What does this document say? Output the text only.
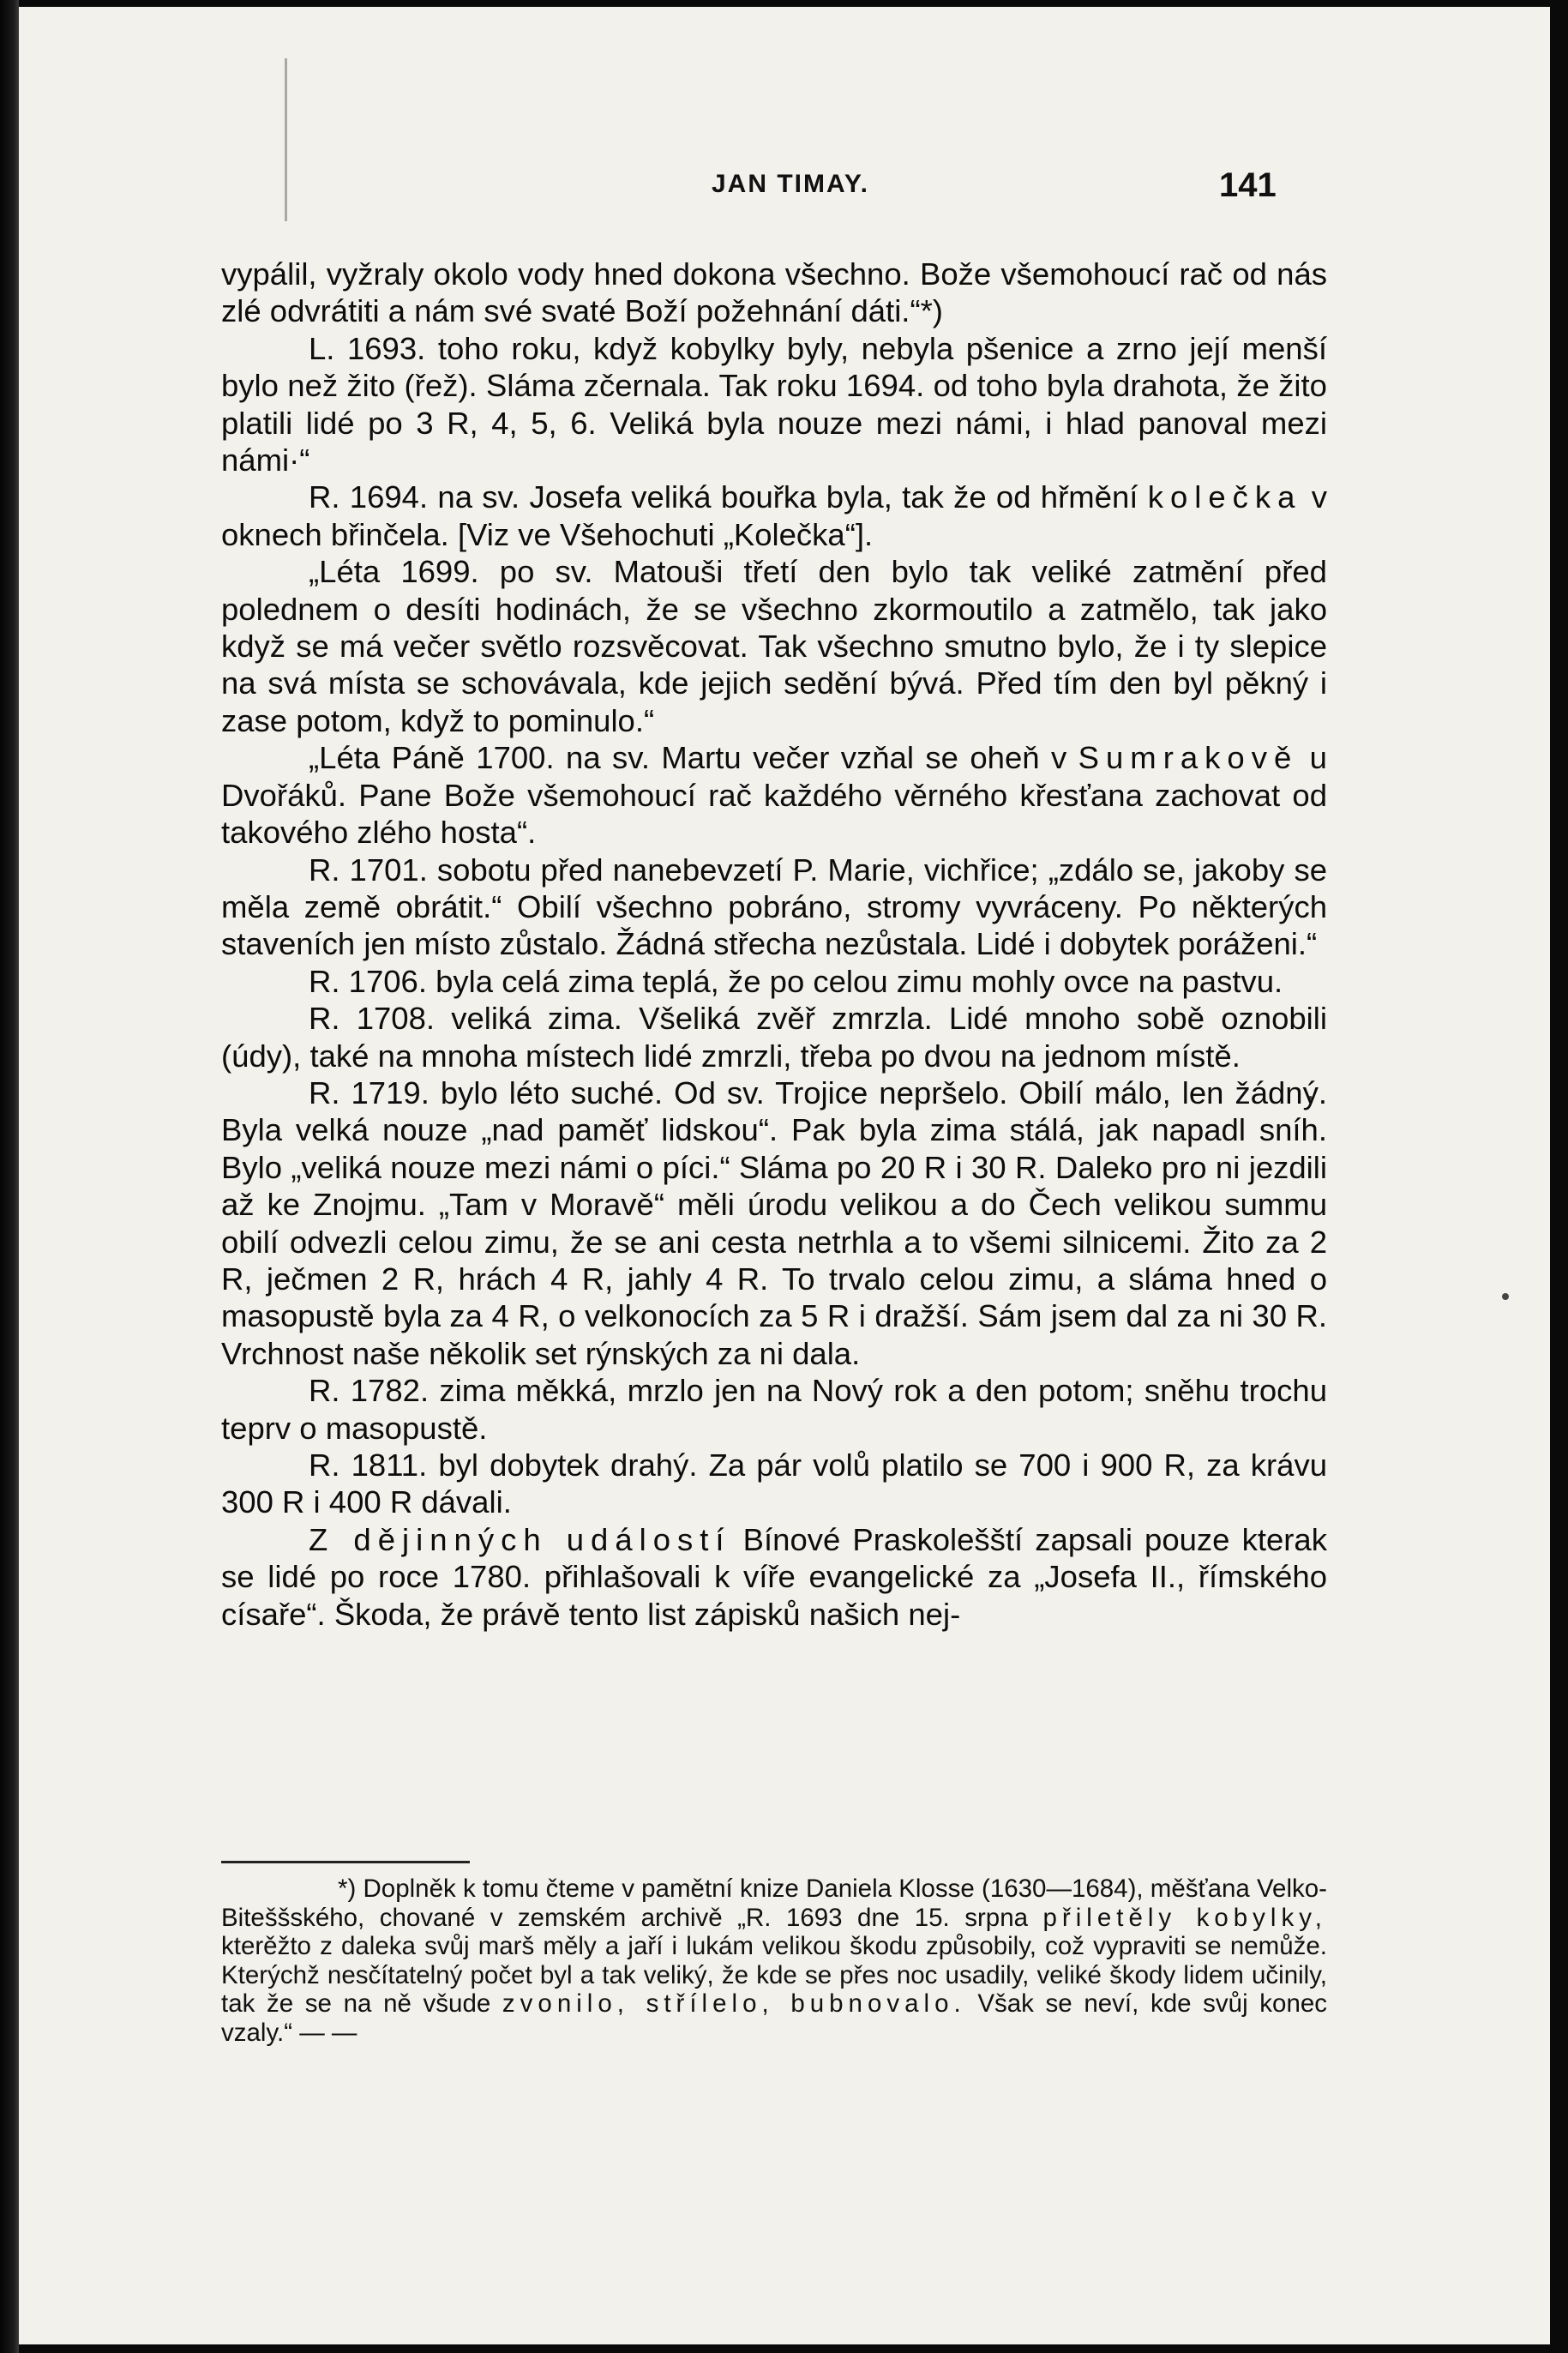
JAN TIMAY.	141

vypálil, vyžraly okolo vody hned dokona všechno. Bože všemohoucí rač od nás zlé odvrátiti a nám své svaté Boží požehnání dáti.“*)

L. 1693. toho roku, když kobylky byly, nebyla pšenice a zrno její menší bylo než žito (řež). Sláma zčernala. Tak roku 1694. od toho byla drahota, že žito platili lidé po 3 R, 4, 5, 6. Veliká byla nouze mezi námi, i hlad panoval mezi námi·“

R. 1694. na sv. Josefa veliká bouřka byla, tak že od hřmění kolečka v oknech břinčela. [Viz ve Všehochuti „Kolečka“].

„Léta 1699. po sv. Matouši třetí den bylo tak veliké zatmění před polednem o desíti hodinách, že se všechno zkormoutilo a zatmělo, tak jako když se má večer světlo rozsvěcovat. Tak všechno smutno bylo, že i ty slepice na svá místa se schovávala, kde jejich sedění bývá. Před tím den byl pěkný i zase potom, když to pominulo.“

„Léta Páně 1700. na sv. Martu večer vzňal se oheň v Sumrakově u Dvořáků. Pane Bože všemohoucí rač každého věrného křesťana zachovat od takového zlého hosta“.

R. 1701. sobotu před nanebevzetí P. Marie, vichřice; „zdálo se, jakoby se měla země obrátit.“ Obilí všechno pobráno, stromy vyvráceny. Po některých staveních jen místo zůstalo. Žádná střecha nezůstala. Lidé i dobytek poráženi.“

R. 1706. byla celá zima teplá, že po celou zimu mohly ovce na pastvu.

R. 1708. veliká zima. Všeliká zvěř zmrzla. Lidé mnoho sobě oznobili (údy), také na mnoha místech lidé zmrzli, třeba po dvou na jednom místě.

R. 1719. bylo léto suché. Od sv. Trojice nepršelo. Obilí málo, len žádný. Byla velká nouze „nad paměť lidskou“. Pak byla zima stálá, jak napadl sníh. Bylo „veliká nouze mezi námi o píci.“ Sláma po 20 R i 30 R. Daleko pro ni jezdili až ke Znojmu. „Tam v Moravě“ měli úrodu velikou a do Čech velikou summu obilí odvezli celou zimu, že se ani cesta netrhla a to všemi silnicemi. Žito za 2 R, ječmen 2 R, hrách 4 R, jahly 4 R. To trvalo celou zimu, a sláma hned o masopustě byla za 4 R, o velkonocích za 5 R i dražší. Sám jsem dal za ni 30 R. Vrchnost naše několik set rýnských za ni dala.

R. 1782. zima měkká, mrzlo jen na Nový rok a den potom; sněhu trochu teprv o masopustě.

R. 1811. byl dobytek drahý. Za pár volů platilo se 700 i 900 R, za krávu 300 R i 400 R dávali.

Z dějinných událostí Bínové Praskolešští zapsali pouze kterak se lidé po roce 1780. přihlašovali k víře evangelické za „Josefa II., římského císaře“. Škoda, že právě tento list zápisků našich nej-

*) Doplněk k tomu čteme v pamětní knize Daniela Klosse (1630—1684), měšťana Velko-Biteššského, chované v zemském archivě „R. 1693 dne 15. srpna přiletěly kobylky, kterěžto z daleka svůj marš měly a jaří i lukám velikou škodu způsobily, což vypraviti se nemůže. Kterýchž nesčítatelný počet byl a tak veliký, že kde se přes noc usadily, veliké škody lidem učinily, tak že se na ně všude zvonilo, střílelo, bubnovalo. Však se neví, kde svůj konec vzaly.“ — —
